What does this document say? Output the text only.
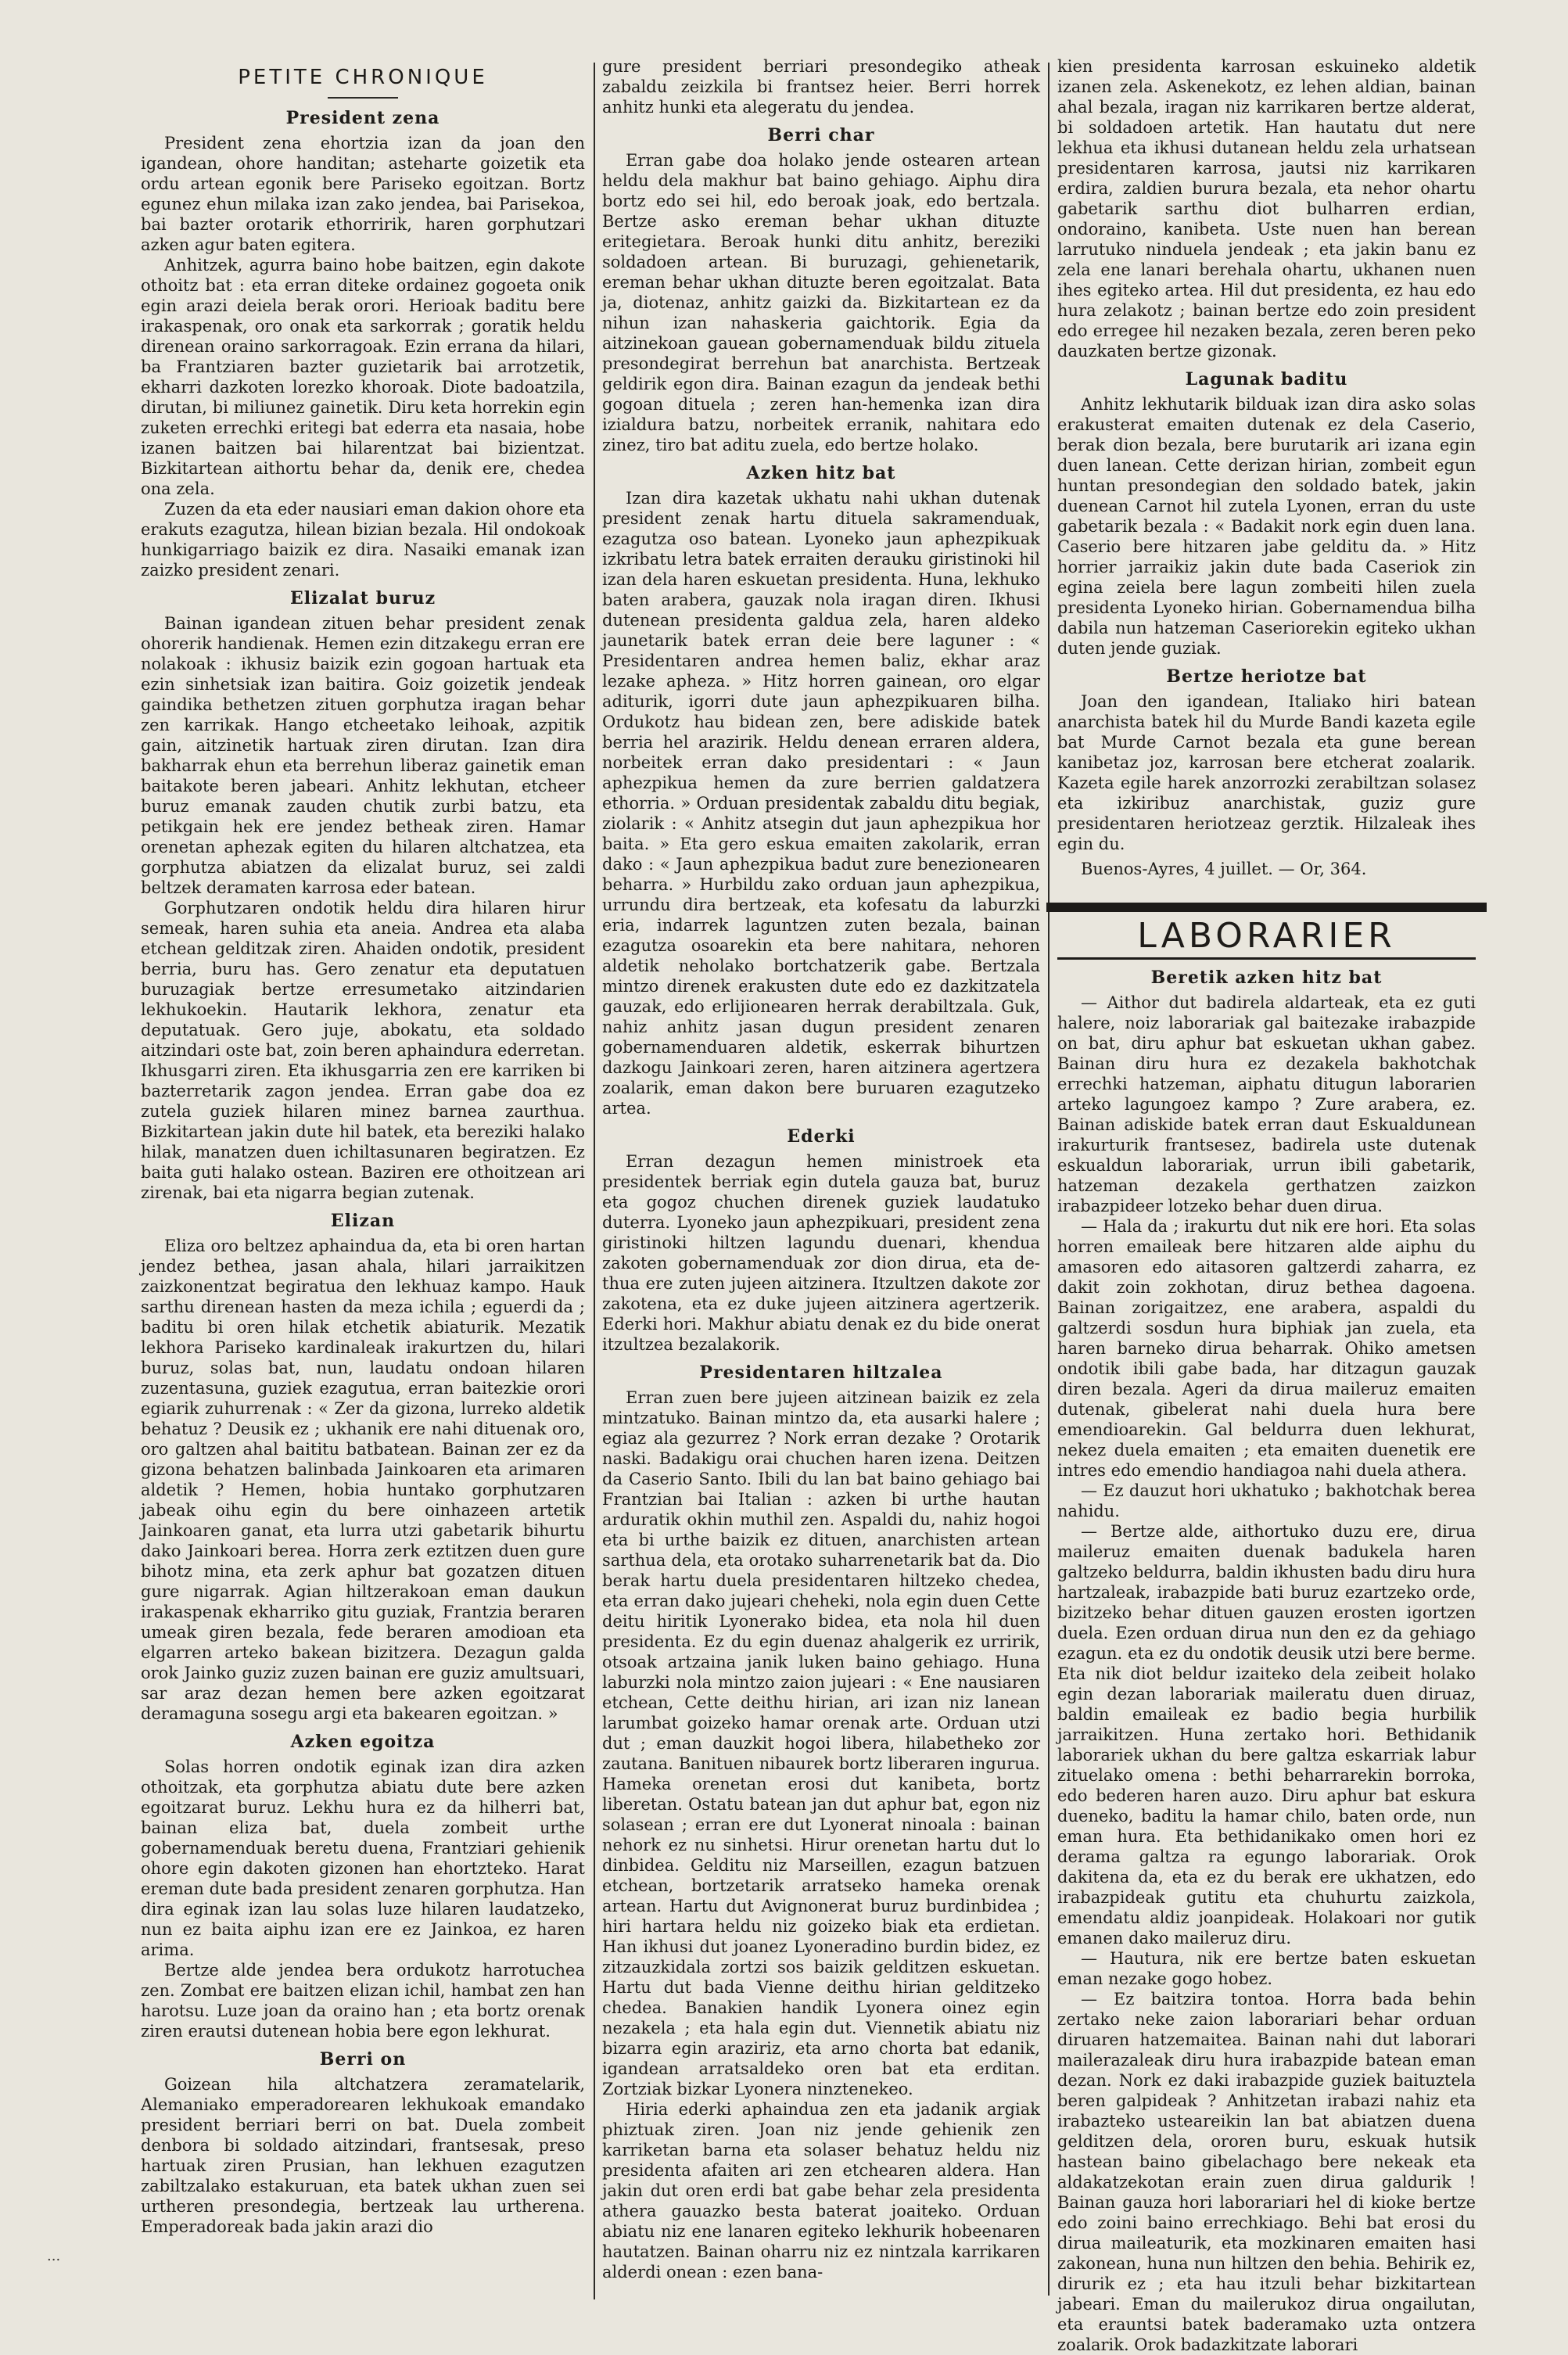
PETITE CHRONIQUE
President zena

President zena ehortzia izan da joan den igandean, ohore handitan; asteharte goizetik eta ordu artean egonik bere Pariseko egoitzan. Bortz egunez ehun milaka izan zako jendea, bai Parisekoa, bai bazter orotarik ethorririk, haren gorphutzari azken agur baten egitera.

Anhitzek, agurra baino hobe baitzen, egin dakote othoitz bat : eta erran diteke ordainez gogoeta onik egin arazi deiela berak orori. Herioak baditu bere irakaspenak, oro onak eta sarkorrak ; goratik heldu direnean oraino sarkorragoak. Ezin errana da hilari, ba Frantziaren bazter guzietarik bai arrotzetik, ekharri dazkoten lorezko khoroak. Diote badoatzila, dirutan, bi miliunez gainetik. Diru keta horrekin egin zuketen errechki eritegi bat ederra eta nasaia, hobe izanen baitzen bai hilarentzat bai bizientzat. Bizkitartean aithortu behar da, denik ere, chedea ona zela.

Zuzen da eta eder nausiari eman dakion ohore eta erakuts ezagutza, hilean bizian bezala. Hil ondokoak hunkigarriago baizik ez dira. Nasaiki emanak izan zaizko president zenari.

Elizalat buruz

Bainan igandean zituen behar president zenak ohorerik handienak. Hemen ezin ditzakegu erran ere nolakoak : ikhusiz baizik ezin gogoan hartuak eta ezin sinhetsiak izan baitira. Goiz goizetik jendeak gaindika bethetzen zituen gorphutza iragan behar zen karrikak. Hango etcheetako leihoak, azpitik gain, aitzinetik hartuak ziren dirutan. Izan dira bakharrak ehun eta berrehun liberaz gainetik eman baitakote beren jabeari. Anhitz lekhutan, etcheer buruz emanak zauden chutik zurbi batzu, eta petikgain hek ere jendez betheak ziren. Hamar orenetan aphezak egiten du hilaren altchatzea, eta gorphutza abiatzen da elizalat buruz, sei zaldi beltzek deramaten karrosa eder batean.

Gorphutzaren ondotik heldu dira hilaren hirur semeak, haren suhia eta aneia. Andrea eta alaba etchean gelditzak ziren. Ahaiden ondotik, president berria, buru has. Gero zenatur eta deputatuen buruzagiak bertze erresumetako aitzindarien lekhukoekin. Hautarik lekhora, zenatur eta deputatuak. Gero juje, abokatu, eta soldado aitzindari oste bat, zoin beren aphaindura ederretan. Ikhusgarri ziren. Eta ikhusgarria zen ere karriken bi bazterretarik zagon jendea. Erran gabe doa ez zutela guziek hilaren minez barnea zaurthua. Bizkitartean jakin dute hil batek, eta bereziki halako hilak, manatzen duen ichiltasunaren begiratzen. Ez baita guti halako ostean. Baziren ere othoitzean ari zirenak, bai eta nigarra begian zutenak.

Elizan

Eliza oro beltzez aphaindua da, eta bi oren hartan jendez bethea, jasan ahala, hilari jarraikitzen zaizkonentzat begiratua den lekhuaz kampo. Hauk sarthu direnean hasten da meza ichila ; eguerdi da ; baditu bi oren hilak etchetik abiaturik. Mezatik lekhora Pariseko kardinaleak irakurtzen du, hilari buruz, solas bat, nun, laudatu ondoan hilaren zuzentasuna, guziek ezagutua, erran baitezkie orori egiarik zuhurrenak : « Zer da gizona, lurreko aldetik behatuz ? Deusik ez ; ukhanik ere nahi dituenak oro, oro galtzen ahal baititu batbatean. Bainan zer ez da gizona behatzen balinbada Jainkoaren eta arimaren aldetik ? Hemen, hobia huntako gorphutzaren jabeak oihu egin du bere oinhazeen artetik Jainkoaren ganat, eta lurra utzi gabetarik bihurtu dako Jainkoari berea. Horra zerk eztitzen duen gure bihotz mina, eta zerk aphur bat gozatzen dituen gure nigarrak. Agian hiltzerakoan eman daukun irakaspenak ekharriko gitu guziak, Frantzia beraren umeak giren bezala, fede beraren amodioan eta elgarren arteko bakean bizitzera. Dezagun galda orok Jainko guziz zuzen bainan ere guziz amultsuari, sar araz dezan hemen bere azken egoitzarat deramaguna sosegu argi eta bakearen egoitzan. »

Azken egoitza

Solas horren ondotik eginak izan dira azken othoitzak, eta gorphutza abiatu dute bere azken egoitzarat buruz. Lekhu hura ez da hilherri bat, bainan eliza bat, duela zombeit urthe gobernamenduak beretu duena, Frantziari gehienik ohore egin dakoten gizonen han ehortzteko. Harat ereman dute bada president zenaren gorphutza. Han dira eginak izan lau solas luze hilaren laudatzeko, nun ez baita aiphu izan ere ez Jainkoa, ez haren arima.

Bertze alde jendea bera ordukotz harrotuchea zen. Zombat ere baitzen elizan ichil, hambat zen han harotsu. Luze joan da oraino han ; eta bortz orenak ziren erautsi dutenean hobia bere egon lekhurat.

Berri on

Goizean hila altchatzera zeramatelarik, Alemaniako emperadorearen lekhukoak emandako president berriari berri on bat. Duela zombeit denbora bi soldado aitzindari, frantsesak, preso hartuak ziren Prusian, han lekhuen ezagutzen zabiltzalako estakuruan, eta batek ukhan zuen sei urtheren presondegia, bertzeak lau urtherena. Emperadoreak bada jakin arazi dio

gure president berriari presondegiko atheak zabaldu zeizkila bi frantsez heier. Berri horrek anhitz hunki eta alegeratu du jendea.

Berri char

Erran gabe doa holako jende ostearen artean heldu dela makhur bat baino gehiago. Aiphu dira bortz edo sei hil, edo beroak joak, edo bertzala. Bertze asko ereman behar ukhan dituzte eritegietara. Beroak hunki ditu anhitz, bereziki soldadoen artean. Bi buruzagi, gehienetarik, ereman behar ukhan dituzte beren egoitzalat. Bata ja, diotenaz, anhitz gaizki da. Bizkitartean ez da nihun izan nahaskeria gaichtorik. Egia da aitzinekoan gauean gobernamenduak bildu zituela presondegirat berrehun bat anarchista. Bertzeak geldirik egon dira. Bainan ezagun da jendeak bethi gogoan dituela ; zeren han-hemenka izan dira izialdura batzu, norbeitek erranik, nahitara edo zinez, tiro bat aditu zuela, edo bertze holako.

Azken hitz bat

Izan dira kazetak ukhatu nahi ukhan dutenak president zenak hartu dituela sakramenduak, ezagutza oso batean. Lyoneko jaun aphezpikuak izkribatu letra batek erraiten derauku giristinoki hil izan dela haren eskuetan presidenta. Huna, lekhuko baten arabera, gauzak nola iragan diren. Ikhusi dutenean presidenta galdua zela, haren aldeko jaunetarik batek erran deie bere laguner : « Presidentaren andrea hemen baliz, ekhar araz lezake apheza. » Hitz horren gainean, oro elgar aditurik, igorri dute jaun aphezpikuaren bilha. Ordukotz hau bidean zen, bere adiskide batek berria hel arazirik. Heldu denean erraren aldera, norbeitek erran dako presidentari : « Jaun aphezpikua hemen da zure berrien galdatzera ethorria. » Orduan presidentak zabaldu ditu begiak, ziolarik : « Anhitz atsegin dut jaun aphezpikua hor baita. » Eta gero eskua emaiten zakolarik, erran dako : « Jaun aphezpikua badut zure benezionearen beharra. » Hurbildu zako orduan jaun aphezpikua, urrundu dira bertzeak, eta kofesatu da laburzki eria, indarrek laguntzen zuten bezala, bainan ezagutza osoarekin eta bere nahitara, nehoren aldetik neholako bortchatzerik gabe. Bertzala mintzo direnek erakusten dute edo ez dazkitzatela gauzak, edo erlijionearen herrak derabiltzala. Guk, nahiz anhitz jasan dugun president zenaren gobernamenduaren aldetik, eskerrak bihurtzen dazkogu Jainkoari zeren, haren aitzinera agertzera zoalarik, eman dakon bere buruaren ezagutzeko artea.

Ederki

Erran dezagun hemen ministroek eta presidentek berriak egin dutela gauza bat, buruz eta gogoz chuchen direnek guziek laudatuko duterra. Lyoneko jaun aphezpikuari, president zena giristinoki hiltzen lagundu duenari, khendua zakoten gobernamenduak zor dion dirua, eta de-thua ere zuten jujeen aitzinera. Itzultzen dakote zor zakotena, eta ez duke jujeen aitzinera agertzerik. Ederki hori. Makhur abiatu denak ez du bide onerat itzultzea bezalakorik.

Presidentaren hiltzalea

Erran zuen bere jujeen aitzinean baizik ez zela mintzatuko. Bainan mintzo da, eta ausarki halere ; egiaz ala gezurrez ? Nork erran dezake ? Orotarik naski. Badakigu orai chuchen haren izena. Deitzen da Caserio Santo. Ibili du lan bat baino gehiago bai Frantzian bai Italian : azken bi urthe hautan arduratik okhin muthil zen. Aspaldi du, nahiz hogoi eta bi urthe baizik ez dituen, anarchisten artean sarthua dela, eta orotako suharrenetarik bat da. Dio berak hartu duela presidentaren hiltzeko chedea, eta erran dako jujeari cheheki, nola egin duen Cette deitu hiritik Lyonerako bidea, eta nola hil duen presidenta. Ez du egin duenaz ahalgerik ez urririk, otsoak artzaina janik luken baino gehiago. Huna laburzki nola mintzo zaion jujeari : « Ene nausiaren etchean, Cette deithu hirian, ari izan niz lanean larumbat goizeko hamar orenak arte. Orduan utzi dut ; eman dauzkit hogoi libera, hilabetheko zor zautana. Banituen nibaurek bortz liberaren ingurua. Hameka orenetan erosi dut kanibeta, bortz liberetan. Ostatu batean jan dut aphur bat, egon niz solasean ; erran ere dut Lyonerat ninoala : bainan nehork ez nu sinhetsi. Hirur orenetan hartu dut lo dinbidea. Gelditu niz Marseillen, ezagun batzuen etchean, bortzetarik arratseko hameka orenak artean. Hartu dut Avignonerat buruz burdinbidea ; hiri hartara heldu niz goizeko biak eta erdietan. Han ikhusi dut joanez Lyoneradino burdin bidez, ez zitzauzkidala zortzi sos baizik gelditzen eskuetan. Hartu dut bada Vienne deithu hirian gelditzeko chedea. Banakien handik Lyonera oinez egin nezakela ; eta hala egin dut. Viennetik abiatu niz bizarra egin araziriz, eta arno chorta bat edanik, igandean arratsaldeko oren bat eta erditan. Zortziak bizkar Lyonera ninztenekeo.

Hiria ederki aphaindua zen eta jadanik argiak phiztuak ziren. Joan niz jende gehienik zen karriketan barna eta solaser behatuz heldu niz presidenta afaiten ari zen etchearen aldera. Han jakin dut oren erdi bat gabe behar zela presidenta athera gauazko besta baterat joaiteko. Orduan abiatu niz ene lanaren egiteko lekhurik hobeenaren hautatzen. Bainan oharru niz ez nintzala karrikaren alderdi onean : ezen bana-

kien presidenta karrosan eskuineko aldetik izanen zela. Askenekotz, ez lehen aldian, bainan ahal bezala, iragan niz karrikaren bertze alderat, bi soldadoen artetik. Han hautatu dut nere lekhua eta ikhusi dutanean heldu zela urhatsean presidentaren karrosa, jautsi niz karrikaren erdira, zaldien burura bezala, eta nehor ohartu gabetarik sarthu diot bulharren erdian, ondoraino, kanibeta. Uste nuen han berean larrutuko ninduela jendeak ; eta jakin banu ez zela ene lanari berehala ohartu, ukhanen nuen ihes egiteko artea. Hil dut presidenta, ez hau edo hura zelakotz ; bainan bertze edo zoin president edo erregee hil nezaken bezala, zeren beren peko dauzkaten bertze gizonak.

Lagunak baditu

Anhitz lekhutarik bilduak izan dira asko solas erakusterat emaiten dutenak ez dela Caserio, berak dion bezala, bere burutarik ari izana egin duen lanean. Cette derizan hirian, zombeit egun huntan presondegian den soldado batek, jakin duenean Carnot hil zutela Lyonen, erran du uste gabetarik bezala : « Badakit nork egin duen lana. Caserio bere hitzaren jabe gelditu da. » Hitz horrier jarraikiz jakin dute bada Caseriok zin egina zeiela bere lagun zombeiti hilen zuela presidenta Lyoneko hirian. Gobernamendua bilha dabila nun hatzeman Caseriorekin egiteko ukhan duten jende guziak.

Bertze heriotze bat

Joan den igandean, Italiako hiri batean anarchista batek hil du Murde Bandi kazeta egile bat Murde Carnot bezala eta gune berean kanibetaz joz, karrosan bere etcherat zoalarik. Kazeta egile harek anzorrozki zerabiltzan solasez eta izkiribuz anarchistak, guziz gure presidentaren heriotzeaz gerztik. Hilzaleak ihes egin du.

Buenos-Ayres, 4 juillet. — Or, 364.

LABORARIER
Beretik azken hitz bat

— Aithor dut badirela aldarteak, eta ez guti halere, noiz laborariak gal baitezake irabazpide on bat, diru aphur bat eskuetan ukhan gabez. Bainan diru hura ez dezakela bakhotchak errechki hatzeman, aiphatu ditugun laborarien arteko lagungoez kampo ? Zure arabera, ez. Bainan adiskide batek erran daut Eskualdunean irakurturik frantsesez, badirela uste dutenak eskualdun laborariak, urrun ibili gabetarik, hatzeman dezakela gerthatzen zaizkon irabazpideer lotzeko behar duen dirua.

— Hala da ; irakurtu dut nik ere hori. Eta solas horren emaileak bere hitzaren alde aiphu du amasoren edo aitasoren galtzerdi zaharra, ez dakit zoin zokhotan, diruz bethea dagoena. Bainan zorigaitzez, ene arabera, aspaldi du galtzerdi sosdun hura biphiak jan zuela, eta haren barneko dirua beharrak. Ohiko ametsen ondotik ibili gabe bada, har ditzagun gauzak diren bezala. Ageri da dirua maileruz emaiten dutenak, gibelerat nahi duela hura bere emendioarekin. Gal beldurra duen lekhurat, nekez duela emaiten ; eta emaiten duenetik ere intres edo emendio handiagoa nahi duela athera.

— Ez dauzut hori ukhatuko ; bakhotchak berea nahidu.

— Bertze alde, aithortuko duzu ere, dirua maileruz emaiten duenak badukela haren galtzeko beldurra, baldin ikhusten badu diru hura hartzaleak, irabazpide bati buruz ezartzeko orde, bizitzeko behar dituen gauzen erosten igortzen duela. Ezen orduan dirua nun den ez da gehiago ezagun. eta ez du ondotik deusik utzi bere berme. Eta nik diot beldur izaiteko dela zeibeit holako egin dezan laborariak maileratu duen diruaz, baldin emaileak ez badio begia hurbilik jarraikitzen. Huna zertako hori. Bethidanik laborariek ukhan du bere galtza eskarriak labur zituelako omena : bethi beharrarekin borroka, edo bederen haren auzo. Diru aphur bat eskura dueneko, baditu la hamar chilo, baten orde, nun eman hura. Eta bethidanikako omen hori ez derama galtza ra egungo laborariak. Orok dakitena da, eta ez du berak ere ukhatzen, edo irabazpideak gutitu eta chuhurtu zaizkola, emendatu aldiz joanpideak. Holakoari nor gutik emanen dako maileruz diru.

— Hautura, nik ere bertze baten eskuetan eman nezake gogo hobez.

— Ez baitzira tontoa. Horra bada behin zertako neke zaion laborariari behar orduan diruaren hatzemaitea. Bainan nahi dut laborari mailerazaleak diru hura irabazpide batean eman dezan. Nork ez daki irabazpide guziek baituztela beren galpideak ? Anhitzetan irabazi nahiz eta irabazteko usteareikin lan bat abiatzen duena gelditzen dela, ororen buru, eskuak hutsik hastean baino gibelachago bere nekeak eta aldakatzekotan erain zuen dirua galdurik ! Bainan gauza hori laborariari hel di kioke bertze edo zoini baino errechkiago. Behi bat erosi du dirua maileaturik, eta mozkinaren emaiten hasi zakonean, huna nun hiltzen den behia. Behirik ez, dirurik ez ; eta hau itzuli behar bizkitartean jabeari. Eman du mailerukoz dirua ongailutan, eta erauntsi batek baderamako uzta ontzera zoalarik. Orok badazkitzate laborari

...
